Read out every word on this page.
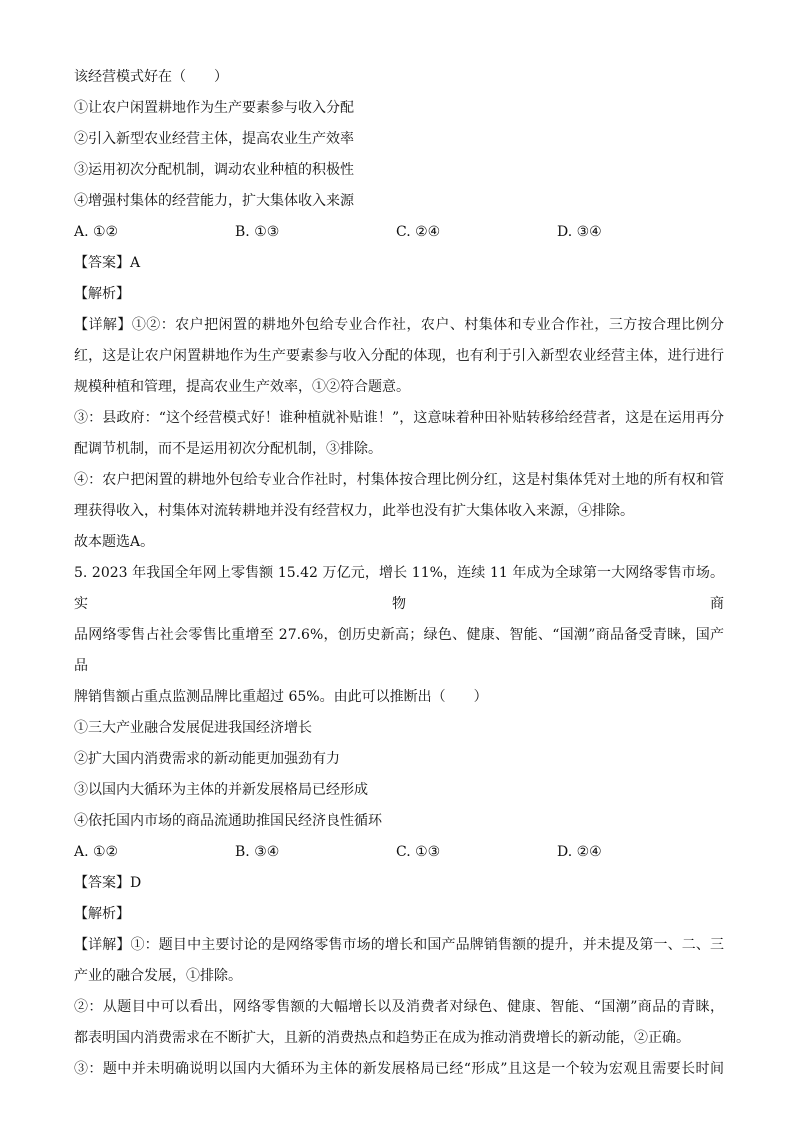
该经营模式好在（　　）
①让农户闲置耕地作为生产要素参与收入分配
②引入新型农业经营主体，提高农业生产效率
③运用初次分配机制，调动农业种植的积极性
④增强村集体的经营能力，扩大集体收入来源
A. ①②	B. ①③	C. ②④	D. ③④
【答案】A
【解析】
【详解】①②：农户把闲置的耕地外包给专业合作社，农户、村集体和专业合作社，三方按合理比例分
红，这是让农户闲置耕地作为生产要素参与收入分配的体现，也有利于引入新型农业经营主体，进行进行
规模种植和管理，提高农业生产效率，①②符合题意。
③：县政府：“这个经营模式好！谁种植就补贴谁！”，这意味着种田补贴转移给经营者，这是在运用再分
配调节机制，而不是运用初次分配机制，③排除。
④：农户把闲置的耕地外包给专业合作社时，村集体按合理比例分红，这是村集体凭对土地的所有权和管
理获得收入，村集体对流转耕地并没有经营权力，此举也没有扩大集体收入来源，④排除。
故本题选A。
5. 2023 年我国全年网上零售额 15.42 万亿元，增长 11%，连续 11 年成为全球第一大网络零售市场。实物商
品网络零售占社会零售比重增至 27.6%，创历史新高；绿色、健康、智能、“国潮”商品备受青睐，国产品
牌销售额占重点监测品牌比重超过 65%。由此可以推断出（　　）
①三大产业融合发展促进我国经济增长
②扩大国内消费需求的新动能更加强劲有力
③以国内大循环为主体的并新发展格局已经形成
④依托国内市场的商品流通助推国民经济良性循环
A. ①②	B. ③④	C. ①③	D. ②④
【答案】D
【解析】
【详解】①：题目中主要讨论的是网络零售市场的增长和国产品牌销售额的提升，并未提及第一、二、三
产业的融合发展，①排除。
②：从题目中可以看出，网络零售额的大幅增长以及消费者对绿色、健康、智能、“国潮”商品的青睐，
都表明国内消费需求在不断扩大，且新的消费热点和趋势正在成为推动消费增长的新动能，②正确。
③：题中并未明确说明以国内大循环为主体的新发展格局已经“形成”且这是一个较为宏观且需要长时间
